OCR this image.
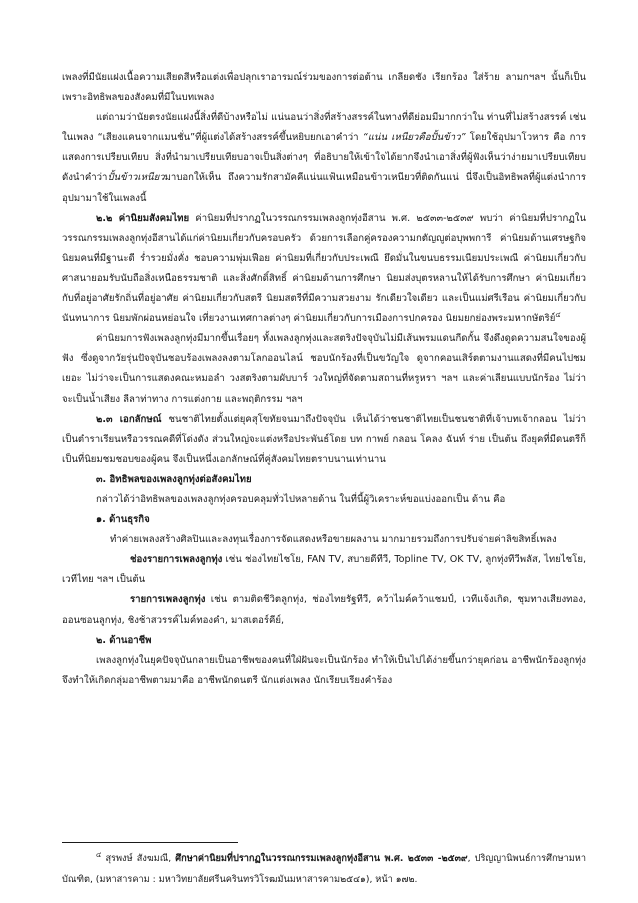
เพลงที่มีนัยแฝงเนื้อความเสียดสีหรือแต่งเพื่อปลุกเราอารมณ์ร่วมของการต่อต้าน เกลียดชัง เรียกร้อง ใส่ร้าย ลามกฯลฯ นั้นก็เป็นเพราะอิทธิพลของสังคมที่มีในบทเพลง

แต่ถามว่านัยตรงนัยแฝงนี้สิ่งที่ดีบ้างหรือไม่ แน่นอนว่าสิ่งที่สร้างสรรค์ในทางที่ดีย่อมมีมากกว่าใน ท่านที่ไม่สร้างสรรค์ เช่นในเพลง “เสียงแคนจากแมนชั่น”ที่ผู้แต่งได้สร้างสรรค์ขึ้นหยิบยกเอาคำว่า “แน่น เหนียวคือปั้นข้าว” โดยใช้อุปมาโวหาร คือ การแสดงการเปรียบเทียบ สิ่งที่นำมาเปรียบเทียบอาจเป็นสิ่งต่างๆ ที่อธิบายให้เข้าใจได้ยากจึงนำเอาสิ่งที่ผู้ฟังเห็นว่าง่ายมาเปรียบเทียบ ดังนำคำว่าปั้นข้าวเหนียวมาบอกให้เห็น ถึงความรักสามัคคีแน่นแฟ้นเหมือนข้าวเหนียวที่ติดกันแน่ นี่จึงเป็นอิทธิพลที่ผู้แต่งนำการอุปมามาใช้ในเพลงนี้

๒.๒ ค่านิยมสังคมไทย ค่านิยมที่ปรากฏในวรรณกรรมเพลงลูกทุ่งอีสาน พ.ศ. ๒๕๓๓-๒๕๓๙ พบว่า ค่านิยมที่ปรากฏในวรรณกรรมเพลงลูกทุ่งอีสานได้แก่ค่านิยมเกี่ยวกับครอบครัว ด้วยการเลือกคู่ครองความกตัญญูต่อบุพพการี ค่านิยมด้านเศรษฐกิจ นิยมคนที่มีฐานะดี ร่ำรวยมั่งคั่ง ชอบความพุ่มเฟือย ค่านิยมที่เกี่ยวกับประเพณี ยึดมั่นในขนบธรรมเนียมประเพณี ค่านิยมเกี่ยวกับศาสนายอมรับนับถือสิ่งเหนือธรรมชาติ และสิ่งศักดิ์สิทธิ์ ค่านิยมด้านการศึกษา นิยมส่งบุตรหลานให้ได้รับการศึกษา ค่านิยมเกี่ยวกับที่อยู่อาศัยรักถิ่นที่อยู่อาศัย ค่านิยมเกี่ยวกับสตรี นิยมสตรีที่มีความสวยงาม รักเดียวใจเดียว และเป็นแม่ศรีเรือน ค่านิยมเกี่ยวกับนันทนาการ นิยมพักผ่อนหย่อนใจ เที่ยวงานเทศกาลต่างๆ ค่านิยมเกี่ยวกับการเมืองการปกครอง นิยมยกย่องพระมหากษัตริย์$^๔$

ค่านิยมการฟังเพลงลูกทุ่งมีมากขึ้นเรื่อยๆ ทั้งเพลงลูกทุ่งและสตริงปัจจุบันไม่มีเส้นพรมแดนกีดกั้น จึงดึงดูดความสนใจของผู้ฟัง ซึ่งดูจากวัยรุ่นปัจจุบันชอบร้องเพลงลงตามโลกออนไลน์ ชอบนักร้องที่เป็นขวัญใจ ดูจากคอนเสิร์ตตามงานแสดงที่มีคนไปชมเยอะ ไม่ว่าจะเป็นการแสดงคณะหมอลำ วงสตริงตามผับบาร์ วงใหญ่ที่จัดตามสถานที่หรูหรา ฯลฯ และค่าเลียนแบบนักร้อง ไม่ว่าจะเป็นน้ำเสียง ลีลาท่าทาง การแต่งกาย และพฤติกรรม ฯลฯ

๒.๓ เอกลักษณ์ ชนชาติไทยตั้งแต่ยุคสุโขทัยจนมาถึงปัจจุบัน เห็นได้ว่าชนชาติไทยเป็นชนชาติที่เจ้าบทเจ้ากลอน ไม่ว่าเป็นตำราเรียนหรือวรรณคดีที่โด่งดัง ส่วนใหญ่จะแต่งหรือประพันธ์โดย บท กาพย์ กลอน โคลง ฉันท์ ร่าย เป็นต้น ถึงยุคที่มีดนตรีก็เป็นที่นิยมชมชอบของผู้คน จึงเป็นหนึ่งเอกลักษณ์ที่คู่สังคมไทยตราบนานเท่านาน

๓. อิทธิพลของเพลงลูกทุ่งต่อสังคมไทย

กล่าวได้ว่าอิทธิพลของเพลงลูกทุ่งครอบคลุมทั่วไปหลายด้าน ในที่นี้ผู้วิเคราะห์ขอแบ่งออกเป็น ด้าน คือ

๑. ด้านธุรกิจ

ทำค่ายเพลงสร้างศิลปินและลงทุนเรื่องการจัดแสดงหรือขายผลงาน มากมายรวมถึงการปรับจ่ายค่าลิขสิทธิ์เพลง

ช่องรายการเพลงลูกทุ่ง เช่น ช่องไทยไชโย, FAN TV, สบายดีทีวี, Topline TV, OK TV, ลูกทุ่งทีวีพลัส, ไทยไชโย, เวทีไทย ฯลฯ เป็นต้น

รายการเพลงลูกทุ่ง เช่น ตามติดชีวิตลูกทุ่ง, ช่องไทยรัฐทีวี, คว้าไมค์คว้าแชมป์, เวทีแจ้งเกิด, ชุมทางเสียงทอง, ออนซอนลูกทุ่ง, ชิงช้าสวรรค์ไมค์ทองคำ, มาสเตอร์คีย์,

๒. ด้านอาชีพ

เพลงลูกทุ่งในยุคปัจจุบันกลายเป็นอาชีพของคนที่ใฝ่ฝันจะเป็นนักร้อง ทำให้เป็นไปได้ง่ายขึ้นกว่ายุคก่อน อาชีพนักร้องลูกทุ่งจึงทำให้เกิดกลุ่มอาชีพตามมาคือ อาชีพนักดนตรี นักแต่งเพลง นักเรียบเรียงคำร้อง

$^๔$ สุรพงษ์ สังฆมณี, ศึกษาค่านิยมที่ปรากฏในวรรณกรรมเพลงลูกทุ่งอีสาน พ.ศ. ๒๕๓๓ -๒๕๓๙, ปริญญานิพนธ์การศึกษามหาบัณฑิต, (มหาสารคาม : มหาวิทยาลัยศรีนครินทรวิโรฒมันมหาสารคาม๒๕๔๑), หน้า ๑๗๒.
